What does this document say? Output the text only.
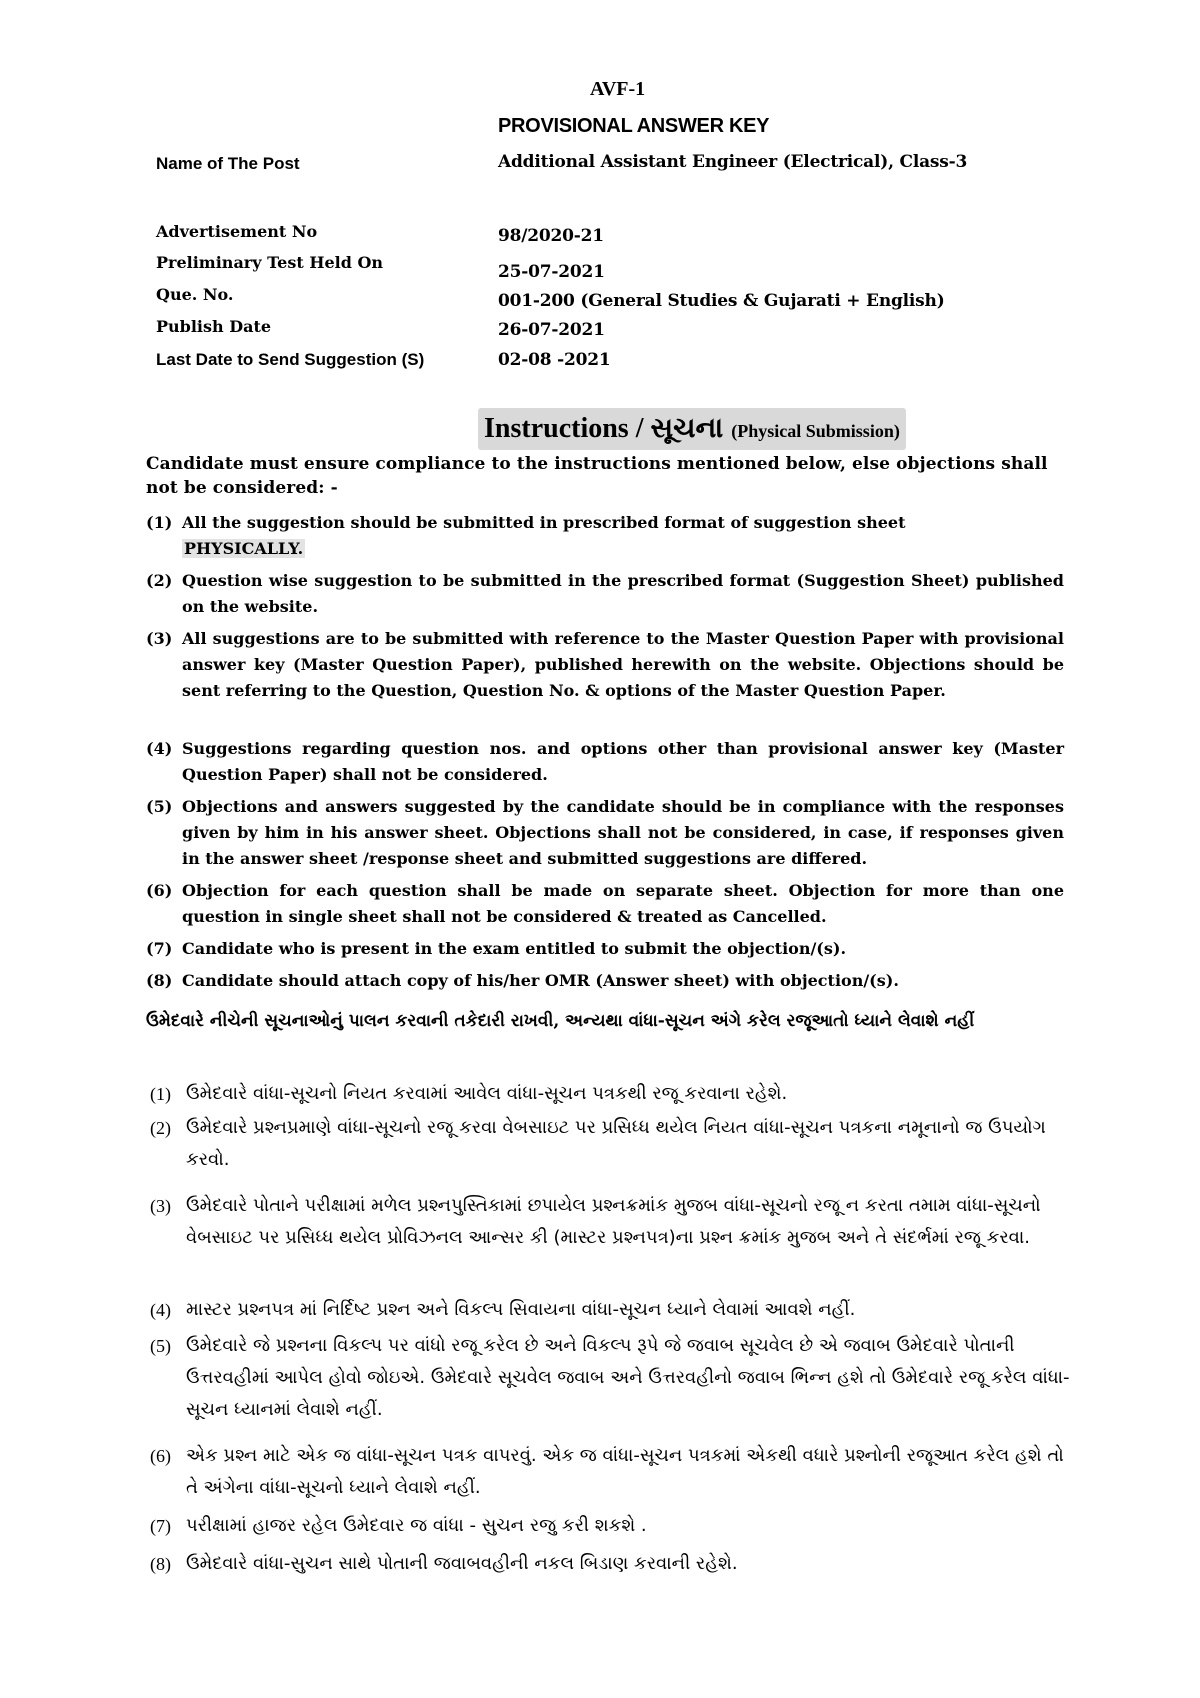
AVF-1
PROVISIONAL ANSWER KEY
Name of The Post	Additional Assistant Engineer (Electrical), Class-3
Advertisement No	98/2020-21
Preliminary Test Held On	25-07-2021
Que. No.	001-200 (General Studies & Gujarati + English)
Publish Date	26-07-2021
Last Date to Send Suggestion (S)	02-08 -2021
Instructions / સૂચના (Physical Submission)
Candidate must ensure compliance to the instructions mentioned below, else objections shall not be considered: -
(1) All the suggestion should be submitted in prescribed format of suggestion sheet
PHYSICALLY.
(2) Question wise suggestion to be submitted in the prescribed format (Suggestion Sheet) published on the website.
(3) All suggestions are to be submitted with reference to the Master Question Paper with provisional answer key (Master Question Paper), published herewith on the website. Objections should be sent referring to the Question, Question No. & options of the Master Question Paper.
(4) Suggestions regarding question nos. and options other than provisional answer key (Master Question Paper) shall not be considered.
(5) Objections and answers suggested by the candidate should be in compliance with the responses given by him in his answer sheet. Objections shall not be considered, in case, if responses given in the answer sheet /response sheet and submitted suggestions are differed.
(6) Objection for each question shall be made on separate sheet. Objection for more than one question in single sheet shall not be considered & treated as Cancelled.
(7) Candidate who is present in the exam entitled to submit the objection/(s).
(8) Candidate should attach copy of his/her OMR (Answer sheet) with objection/(s).
ઉમેદવારે નીચેની સૂચનાઓનું પાલન કરવાની તકેદારી રાખવી, અન્યથા વાંધા-સૂચન અંગે કરેલ રજૂઆતો ધ્યાને લેવાશે નહીં
(1) ઉમેદવારે વાંધા-સૂચનો નિયત કરવામાં આવેલ વાંધા-સૂચન પત્રકથી રજૂ કરવાના રહેશે.
(2) ઉમેદવારે પ્રશ્નપ્રમાણે વાંધા-સૂચનો રજૂ કરવા વેબસાઇટ પર પ્રસિધ્ધ થયેલ નિયત વાંધા-સૂચન પત્રકના નમૂનાનો જ ઉપયોગ કરવો.
(3) ઉમેદવારે પોતાને પરીક્ષામાં મળેલ પ્રશ્નપુસ્તિકામાં છપાયેલ પ્રશ્નક્રમાંક મુજબ વાંધા-સૂચનો રજૂ ન કરતા તમામ વાંધા-સૂચનો વેબસાઇટ પર પ્રસિધ્ધ થયેલ પ્રોવિઝનલ આન્સર કી (માસ્ટર પ્રશ્નપત્ર)ના પ્રશ્ન ક્રમાંક મુજબ અને તે સંદર્ભમાં રજૂ કરવા.
(4) માસ્ટર પ્રશ્નપત્ર માં નિર્દિષ્ટ પ્રશ્ન અને વિકલ્પ સિવાયના વાંધા-સૂચન ધ્યાને લેવામાં આવશે નહીં.
(5) ઉમેદવારે જે પ્રશ્નના વિકલ્પ પર વાંધો રજૂ કરેલ છે અને વિકલ્પ રૂપે જે જવાબ સૂચવેલ છે એ જવાબ ઉમેદવારે પોતાની ઉત્તરવહીમાં આપેલ હોવો જોઇએ. ઉમેદવારે સૂચવેલ જવાબ અને ઉત્તરવહીનો જવાબ ભિન્ન હશે તો ઉમેદવારે રજૂ કરેલ વાંધા-સૂચન ધ્યાનમાં લેવાશે નહીં.
(6) એક પ્રશ્ન માટે એક જ વાંધા-સૂચન પત્રક વાપરવું. એક જ વાંધા-સૂચન પત્રકમાં એકથી વધારે પ્રશ્નોની રજૂઆત કરેલ હશે તો તે અંગેના વાંધા-સૂચનો ધ્યાને લેવાશે નહીં.
(7) પરીક્ષામાં હાજર રહેલ ઉમેદવાર જ વાંધા - સુચન રજુ કરી શકશે .
(8) ઉમેદવારે વાંધા-સુચન સાથે પોતાની જવાબવહીની નકલ બિડાણ કરવાની રહેશે.
